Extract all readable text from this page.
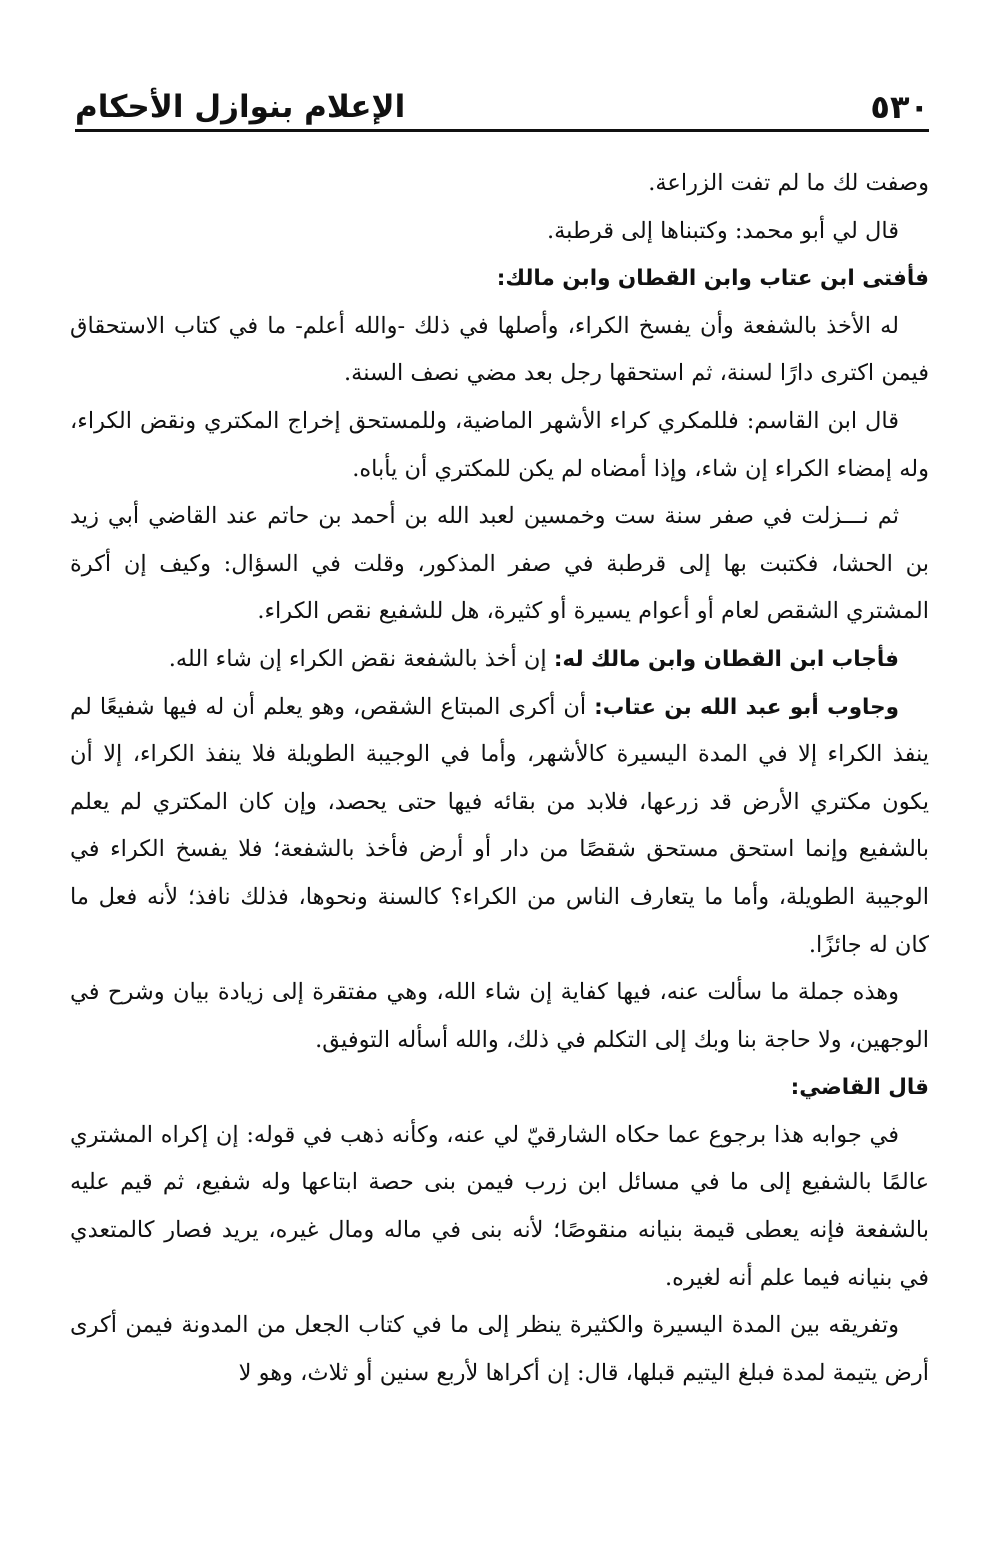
٥٣٠
الإعلام بنوازل الأحكام

وصفت لك ما لم تفت الزراعة.

قال لي أبو محمد: وكتبناها إلى قرطبة.

فأفتى ابن عتاب وابن القطان وابن مالك:

له الأخذ بالشفعة وأن يفسخ الكراء، وأصلها في ذلك -والله أعلم- ما في كتاب الاستحقاق فيمن اكترى دارًا لسنة، ثم استحقها رجل بعد مضي نصف السنة.

قال ابن القاسم: فللمكري كراء الأشهر الماضية، وللمستحق إخراج المكتري ونقض الكراء، وله إمضاء الكراء إن شاء، وإذا أمضاه لم يكن للمكتري أن يأباه.

ثم نـــزلت في صفر سنة ست وخمسين لعبد الله بن أحمد بن حاتم عند القاضي أبي زيد بن الحشا، فكتبت بها إلى قرطبة في صفر المذكور، وقلت في السؤال: وكيف إن أكرة المشتري الشقص لعام أو أعوام يسيرة أو كثيرة، هل للشفيع نقص الكراء.

فأجاب ابن القطان وابن مالك له: إن أخذ بالشفعة نقض الكراء إن شاء الله.

وجاوب أبو عبد الله بن عتاب: أن أكرى المبتاع الشقص، وهو يعلم أن له فيها شفيعًا لم ينفذ الكراء إلا في المدة اليسيرة كالأشهر، وأما في الوجيبة الطويلة فلا ينفذ الكراء، إلا أن يكون مكتري الأرض قد زرعها، فلابد من بقائه فيها حتى يحصد، وإن كان المكتري لم يعلم بالشفيع وإنما استحق مستحق شقصًا من دار أو أرض فأخذ بالشفعة؛ فلا يفسخ الكراء في الوجيبة الطويلة، وأما ما يتعارف الناس من الكراء؟ كالسنة ونحوها، فذلك نافذ؛ لأنه فعل ما كان له جائزًا.

وهذه جملة ما سألت عنه، فيها كفاية إن شاء الله، وهي مفتقرة إلى زيادة بيان وشرح في الوجهين، ولا حاجة بنا وبك إلى التكلم في ذلك، والله أسأله التوفيق.

قال القاضي:

في جوابه هذا برجوع عما حكاه الشارقيّ لي عنه، وكأنه ذهب في قوله: إن إكراه المشتري عالمًا بالشفيع إلى ما في مسائل ابن زرب فيمن بنى حصة ابتاعها وله شفيع، ثم قيم عليه بالشفعة فإنه يعطى قيمة بنيانه منقوصًا؛ لأنه بنى في ماله ومال غيره، يريد فصار كالمتعدي في بنيانه فيما علم أنه لغيره.

وتفريقه بين المدة اليسيرة والكثيرة ينظر إلى ما في كتاب الجعل من المدونة فيمن أكرى أرض يتيمة لمدة فبلغ اليتيم قبلها، قال: إن أكراها لأربع سنين أو ثلاث، وهو لا
